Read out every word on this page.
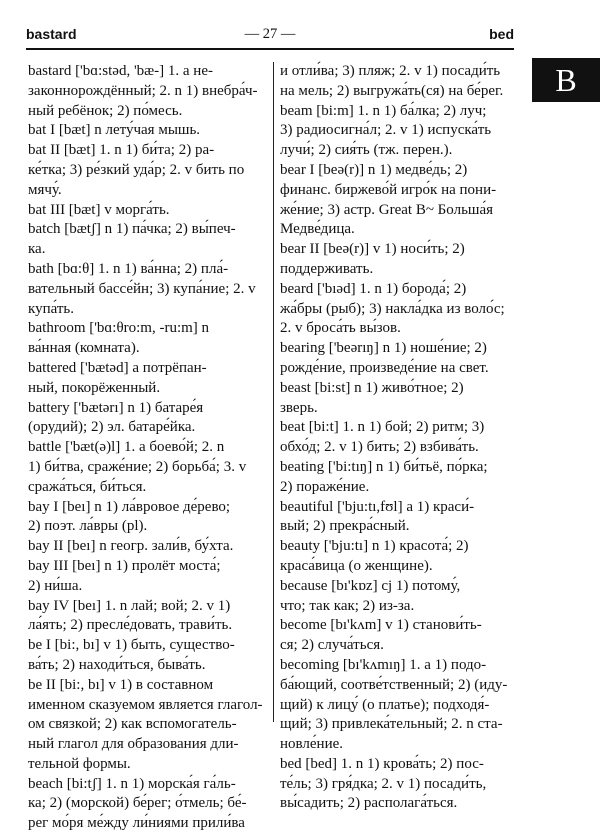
bastard	— 27 —	bed
B
bastard ['bɑ:stəd, 'bæ-] 1. a не-
законнорождённый; 2. n 1) внебра́ч-
ный ребёнок; 2) по́месь.
bat I [bæt] n лету́чая мышь.
bat II [bæt] 1. n 1) би́та; 2) ра-
ке́тка; 3) ре́зкий уда́р; 2. v бить по
мячу́.
bat III [bæt] v морга́ть.
batch [bætʃ] n 1) па́чка; 2) вы́печ-
ка.
bath [bɑ:θ] 1. n 1) ва́нна; 2) пла́-
вательный бассе́йн; 3) купа́ние; 2. v
купа́ть.
bathroom ['bɑ:θro:m, -ru:m] n
ва́нная (комната).
battered ['bætəd] a потрёпан-
ный, покорёженный.
battery ['bætərı] n 1) батаре́я
(орудий); 2) эл. батаре́йка.
battle ['bæt(ə)l] 1. a боево́й; 2. n
1) би́тва, сраже́ние; 2) борьба́; 3. v
сража́ться, би́ться.
bay I [beı] n 1) ла́вровое де́рево;
2) поэт. ла́вры (pl).
bay II [beı] n геогр. зали́в, бу́хта.
bay III [beı] n 1) пролёт моста́;
2) ни́ша.
bay IV [beı] 1. n лай; вой; 2. v 1)
ла́ять; 2) пресле́довать, трави́ть.
be I [bi:, bı] v 1) быть, существо-
ва́ть; 2) находи́ться, быва́ть.
be II [bi:, bı] v 1) в составном
именном сказуемом является глагол-
ом связкой; 2) как вспомогатель-
ный глагол для образования дли-
тельной формы.
beach [bi:tʃ] 1. n 1) морска́я га́ль-
ка; 2) (морской) бе́рег; о́тмель; бе́-
рег мо́ря ме́жду ли́ниями прили́ва
и отли́ва; 3) пляж; 2. v 1) посади́ть
на мель; 2) выгружа́ть(ся) на бе́рег.
beam [bi:m] 1. n 1) ба́лка; 2) луч;
3) радиосигна́л; 2. v 1) испуска́ть
лучи́; 2) сия́ть (тж. перен.).
bear I [beə(r)] n 1) медве́дь; 2)
финанс. биржево́й игро́к на пони-
же́ние; 3) астр. Great B~ Больша́я
Медве́дица.
bear II [beə(r)] v 1) носи́ть; 2)
поддерживать.
beard ['bıəd] 1. n 1) борода́; 2)
жа́бры (рыб); 3) накла́дка из воло́с;
2. v броса́ть вы́зов.
bearing ['beərıŋ] n 1) ноше́ние; 2)
рожде́ние, произведе́ние на свет.
beast [bi:st] n 1) живо́тное; 2)
зверь.
beat [bi:t] 1. n 1) бой; 2) ритм; 3)
обхо́д; 2. v 1) бить; 2) взбива́ть.
beating ['bi:tıŋ] n 1) би́тьё, по́рка;
2) пораже́ние.
beautiful ['bju:tı,fʊl] a 1) краси́-
вый; 2) прекра́сный.
beauty ['bju:tı] n 1) красота́; 2)
краса́вица (о женщине).
because [bı'kɒz] cj 1) потому́,
что; так как; 2) из-за.
become [bı'kʌm] v 1) станови́ть-
ся; 2) случа́ться.
becoming [bı'kʌmıŋ] 1. a 1) подо-
ба́ющий, соотве́тственный; 2) (иду-
щий) к лицу́ (о платье); подходя́-
щий; 3) привлека́тельный; 2. n ста-
новле́ние.
bed [bed] 1. n 1) крова́ть; 2) пос-
те́ль; 3) гря́дка; 2. v 1) посади́ть,
вы́садить; 2) располага́ться.
